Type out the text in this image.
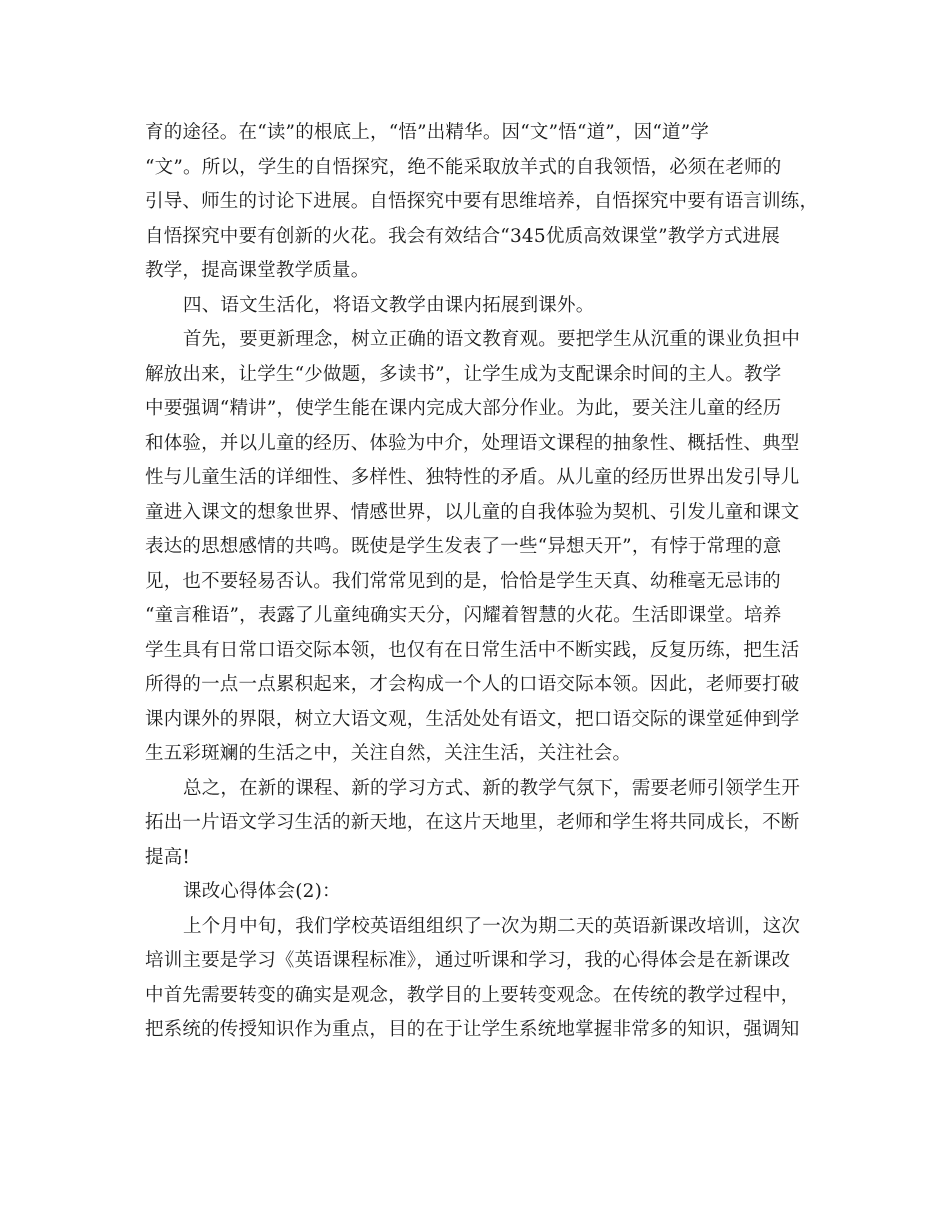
育的途径。在“读”的根底上，“悟”出精华。因“文”悟“道”，因“道”学
“文”。所以，学生的自悟探究，绝不能采取放羊式的自我领悟，必须在老师的
引导、师生的讨论下进展。自悟探究中要有思维培养，自悟探究中要有语言训练，
自悟探究中要有创新的火花。我会有效结合“345优质高效课堂”教学方式进展
教学，提高课堂教学质量。
四、语文生活化，将语文教学由课内拓展到课外。
首先，要更新理念，树立正确的语文教育观。要把学生从沉重的课业负担中
解放出来，让学生“少做题，多读书”，让学生成为支配课余时间的主人。教学
中要强调“精讲”，使学生能在课内完成大部分作业。为此，要关注儿童的经历
和体验，并以儿童的经历、体验为中介，处理语文课程的抽象性、概括性、典型
性与儿童生活的详细性、多样性、独特性的矛盾。从儿童的经历世界出发引导儿
童进入课文的想象世界、情感世界，以儿童的自我体验为契机、引发儿童和课文
表达的思想感情的共鸣。既使是学生发表了一些“异想天开”，有悖于常理的意
见，也不要轻易否认。我们常常见到的是，恰恰是学生天真、幼稚毫无忌讳的
“童言稚语”，表露了儿童纯确实天分，闪耀着智慧的火花。生活即课堂。培养
学生具有日常口语交际本领，也仅有在日常生活中不断实践，反复历练，把生活
所得的一点一点累积起来，才会构成一个人的口语交际本领。因此，老师要打破
课内课外的界限，树立大语文观，生活处处有语文，把口语交际的课堂延伸到学
生五彩斑斓的生活之中，关注自然，关注生活，关注社会。
总之，在新的课程、新的学习方式、新的教学气氛下，需要老师引领学生开
拓出一片语文学习生活的新天地，在这片天地里，老师和学生将共同成长，不断
提高!
课改心得体会(2)：
上个月中旬，我们学校英语组组织了一次为期二天的英语新课改培训，这次
培训主要是学习《英语课程标准》，通过听课和学习，我的心得体会是在新课改
中首先需要转变的确实是观念，教学目的上要转变观念。在传统的教学过程中，
把系统的传授知识作为重点，目的在于让学生系统地掌握非常多的知识，强调知
